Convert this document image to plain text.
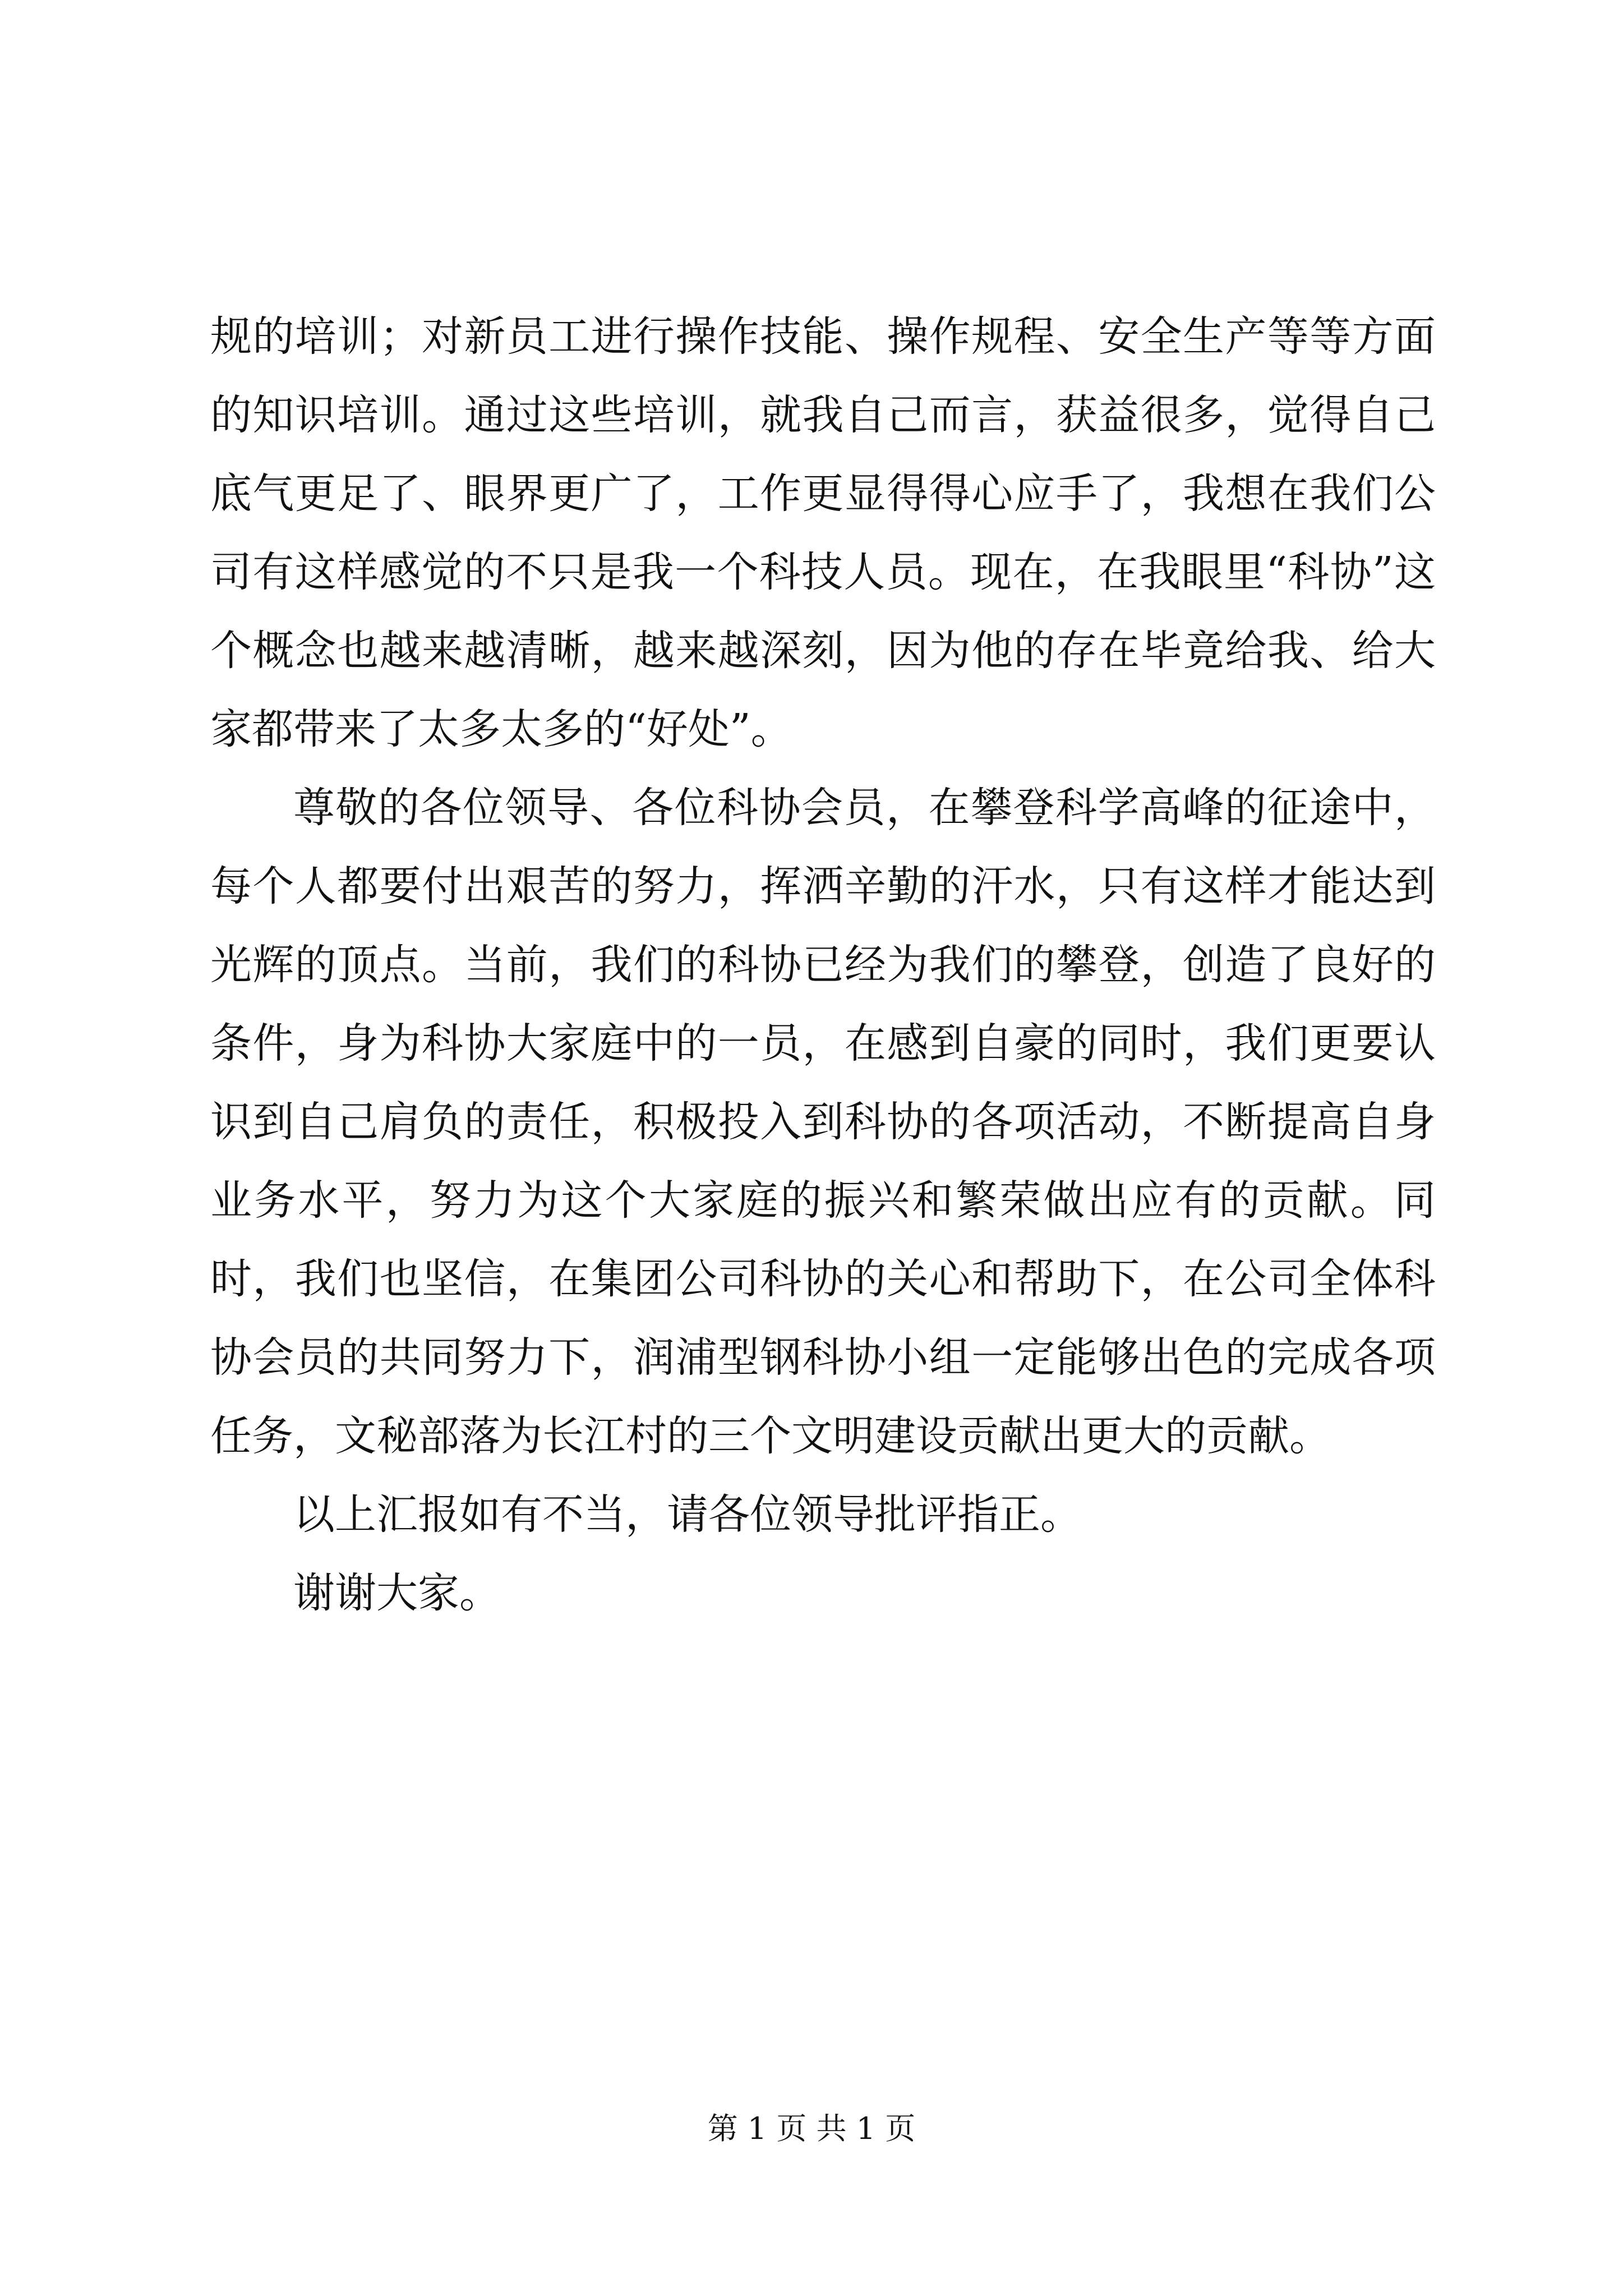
规的培训；对新员工进行操作技能、操作规程、安全生产等等方面的知识培训。通过这些培训，就我自己而言，获益很多，觉得自己底气更足了、眼界更广了，工作更显得得心应手了，我想在我们公司有这样感觉的不只是我一个科技人员。现在，在我眼里“科协”这个概念也越来越清晰，越来越深刻，因为他的存在毕竟给我、给大家都带来了太多太多的“好处”。

尊敬的各位领导、各位科协会员，在攀登科学高峰的征途中，每个人都要付出艰苦的努力，挥洒辛勤的汗水，只有这样才能达到光辉的顶点。当前，我们的科协已经为我们的攀登，创造了良好的条件，身为科协大家庭中的一员，在感到自豪的同时，我们更要认识到自己肩负的责任，积极投入到科协的各项活动，不断提高自身业务水平，努力为这个大家庭的振兴和繁荣做出应有的贡献。同时，我们也坚信，在集团公司科协的关心和帮助下，在公司全体科协会员的共同努力下，润浦型钢科协小组一定能够出色的完成各项任务，文秘部落为长江村的三个文明建设贡献出更大的贡献。

以上汇报如有不当，请各位领导批评指正。

谢谢大家。

第 1 页 共 1 页
